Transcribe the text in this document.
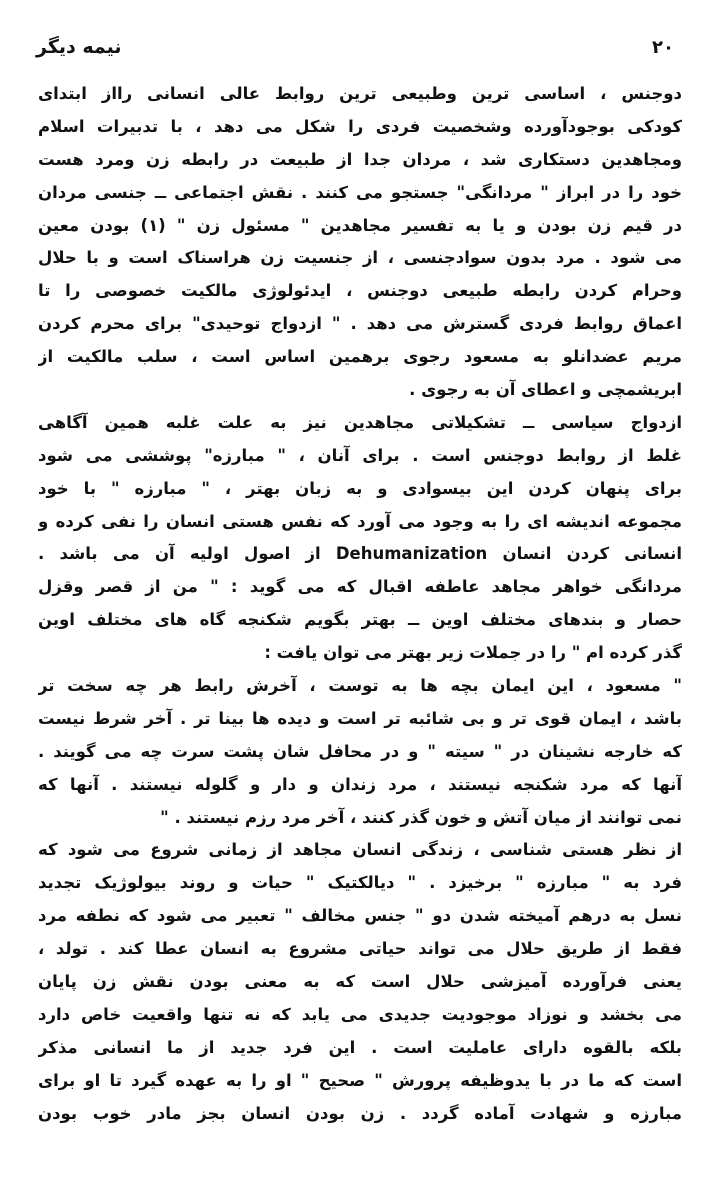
نیمه دیگر	۲۰
دوجنس ، اساسی ترین وطبیعی ترین روابط عالی انسانی رااز ابتدای
کودکی بوجودآورده وشخصیت فردی را شکل می دهد ، با تدبیرات اسلام
ومجاهدین دستکاری شد ، مردان جدا از طبیعت در رابطه زن ومرد هست
خود را در ابراز " مردانگی" جستجو می کنند . نقش اجتماعی ــ جنسی مردان
در قیم زن بودن و یا به تفسیر مجاهدین " مسئول زن " (۱) بودن معین
می شود . مرد بدون سوادجنسی ، از جنسیت زن هراسناک است و با حلال
وحرام کردن رابطه طبیعی دوجنس ، ایدئولوژی مالکیت خصوصی را تا
اعماق روابط فردی گسترش می دهد . " ازدواج توحیدی" برای محرم کردن
مریم عضدانلو به مسعود رجوی برهمین اساس است ، سلب مالکیت از
ابریشمچی و اعطای آن به رجوی .
ازدواج سیاسی ــ تشکیلاتی مجاهدین نیز به علت غلبه همین آگاهی
غلط از روابط دوجنس است . برای آنان ، " مبارزه" پوششی می شود
برای پنهان کردن این بیسوادی و به زبان بهتر ، " مبارزه " با خود
مجموعه اندیشه ای را به وجود می آورد که نفس هستی انسان را نفی کرده و
انسانی کردن انسان Dehumanization از اصول اولیه آن می باشد .
مردانگی خواهر مجاهد عاطفه اقبال که می گوید : " من از قصر وقزل
حصار و بندهای مختلف اوین ــ بهتر بگویم شکنجه گاه های مختلف اوین
گذر کرده ام " را در جملات زیر بهتر می توان یافت :
" مسعود ، این ایمان بچه ها به توست ، آخرش رابط هر چه سخت تر
باشد ، ایمان قوی تر و بی شائبه تر است و دیده ها بینا تر . آخر شرط نیست
که خارجه نشینان در " سیته " و در محافل شان پشت سرت چه می گویند .
آنها که مرد شکنجه نیستند ، مرد زندان و دار و گلوله نیستند . آنها که
نمی توانند از میان آتش و خون گذر کنند ، آخر مرد رزم نیستند . "
از نظر هستی شناسی ، زندگی انسان مجاهد از زمانی شروع می شود که
فرد به " مبارزه " برخیزد . " دیالکتیک " حیات و روند بیولوژیک تجدید
نسل به درهم آمیخته شدن دو " جنس مخالف " تعبیر می شود که نطفه مرد
فقط از طریق حلال می تواند حیاتی مشروع به انسان عطا کند . تولد ،
یعنی فرآورده آمیزشی حلال است که به معنی بودن نقش زن پایان
می بخشد و نوزاد موجودیت جدیدی می یابد که نه تنها واقعیت خاص دارد
بلکه بالقوه دارای عاملیت است . این فرد جدید از ما انسانی مذکر
است که ما در با یدوظیفه پرورش " صحیح " او را به عهده گیرد تا او برای
مبارزه و شهادت آماده گردد . زن بودن انسان بجز مادر خوب بودن
